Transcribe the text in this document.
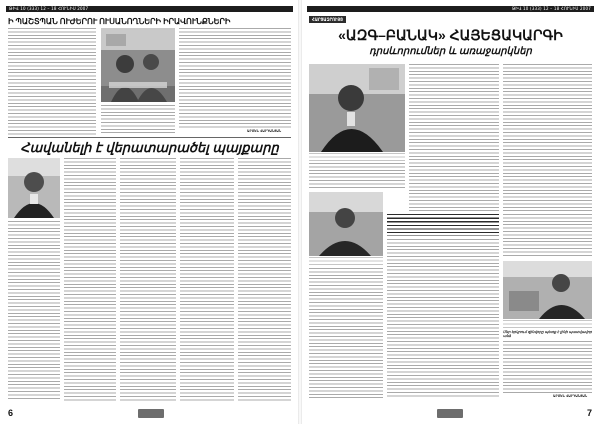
ԹԻՎ 10 (333) 12 – 18 ՀՈՒՆԻՍ 2007
Ի ՊԱՇՏՊԱՆ ՈՒԺԵՐՈՒ ՈՒՍԱՆՈՂՆԵՐԻ ԻՐԱՎՈՒՆՔՆԵՐԻ
ԱՐՄԵՆ ՎԱՐԴԱՆՅԱՆ
Հավանելի է վերատարածել պայքարը
6
ԹԻՎ 10 (333) 12 – 18 ՀՈՒՆԻՍ 2007
ՀԱՐՑԱԶՐՈՒՅՑ
«ԱԶԳ–ԲԱՆԱԿ» ՀԱՅԵՑԱԿԱՐԳԻ
դրսևորումներ և առաջարկներ
Մեր երկրում զինվորը պետք է լինի պատվավոր անձ
ԱՐՄԵՆ ՎԱՐԴԱՆՅԱՆ
7
